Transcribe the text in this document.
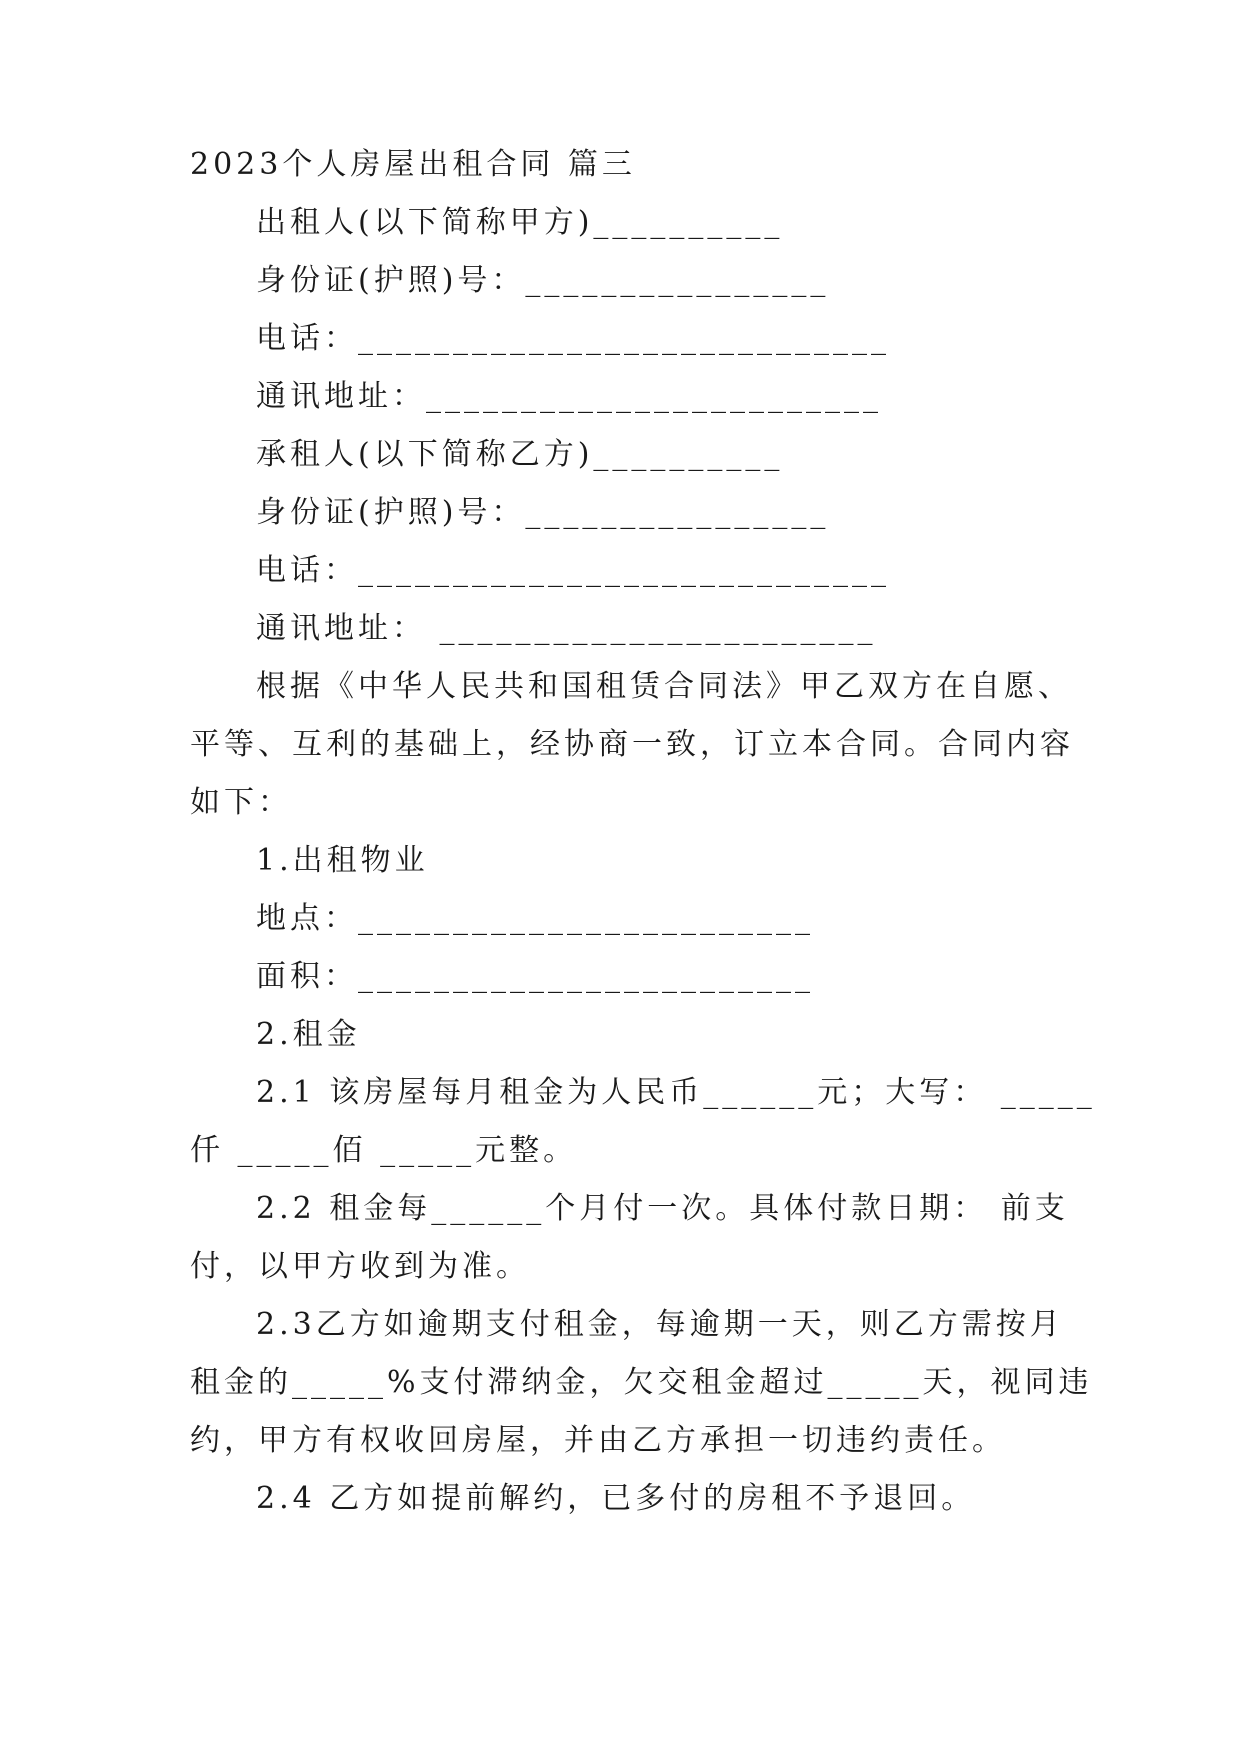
2023个人房屋出租合同 篇三
出租人(以下简称甲方)__________
身份证(护照)号：________________
电话：____________________________
通讯地址：________________________
承租人(以下简称乙方)__________
身份证(护照)号：________________
电话：____________________________
通讯地址： _______________________
根据《中华人民共和国租赁合同法》甲乙双方在自愿、
平等、互利的基础上，经协商一致，订立本合同。合同内容
如下：
1.出租物业
地点：________________________
面积：________________________
2.租金
2.1 该房屋每月租金为人民币______元；大写： _____
仟 _____佰 _____元整。
2.2 租金每______个月付一次。具体付款日期： 前支
付，以甲方收到为准。
2.3乙方如逾期支付租金，每逾期一天，则乙方需按月
租金的_____%支付滞纳金，欠交租金超过_____天，视同违
约，甲方有权收回房屋，并由乙方承担一切违约责任。
2.4 乙方如提前解约，已多付的房租不予退回。
